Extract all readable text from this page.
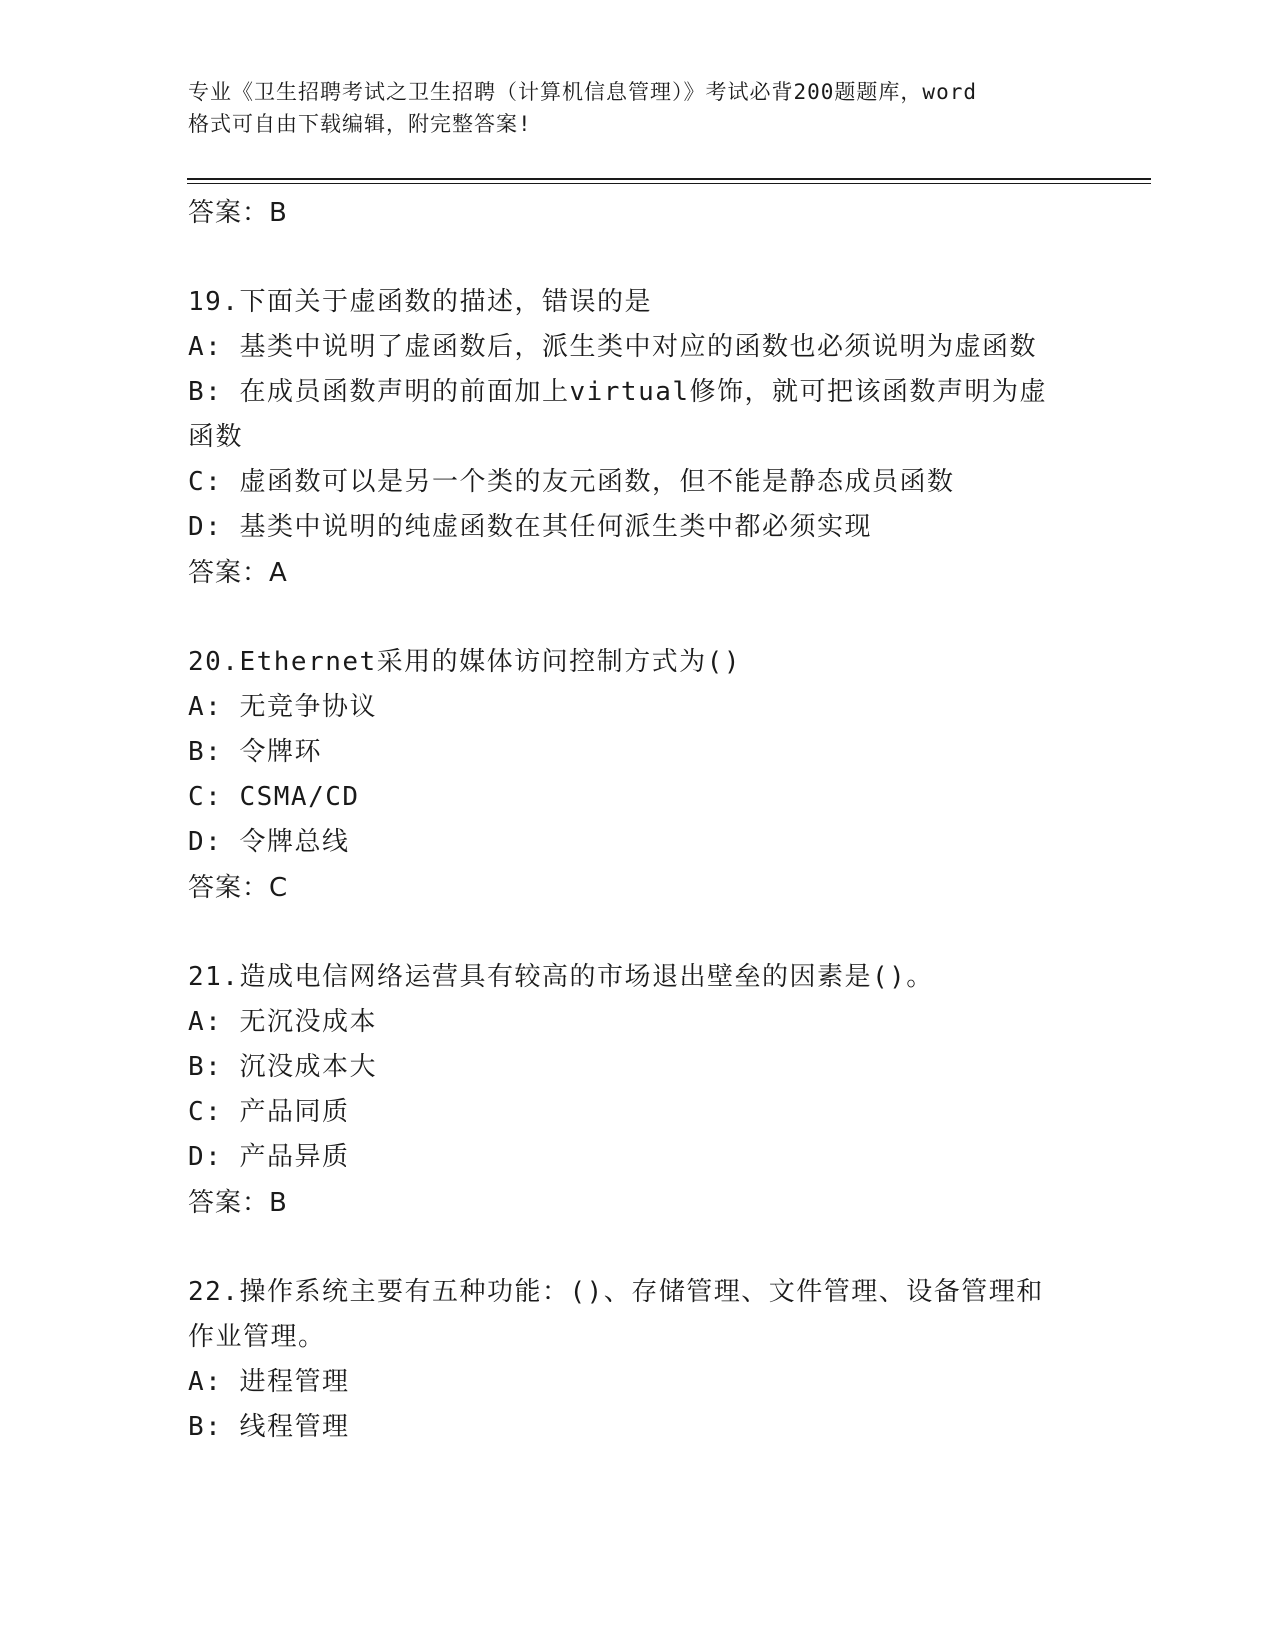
专业《卫生招聘考试之卫生招聘（计算机信息管理）》考试必背200题题库，word
格式可自由下载编辑，附完整答案!
答案：B
19.下面关于虚函数的描述，错误的是
A: 基类中说明了虚函数后，派生类中对应的函数也必须说明为虚函数
B: 在成员函数声明的前面加上virtual修饰，就可把该函数声明为虚
函数
C: 虚函数可以是另一个类的友元函数，但不能是静态成员函数
D: 基类中说明的纯虚函数在其任何派生类中都必须实现
答案：A
20.Ethernet采用的媒体访问控制方式为()
A: 无竞争协议
B: 令牌环
C: CSMA/CD
D: 令牌总线
答案：C
21.造成电信网络运营具有较高的市场退出壁垒的因素是()。
A: 无沉没成本
B: 沉没成本大
C: 产品同质
D: 产品异质
答案：B
22.操作系统主要有五种功能：()、存储管理、文件管理、设备管理和
作业管理。
A: 进程管理
B: 线程管理
